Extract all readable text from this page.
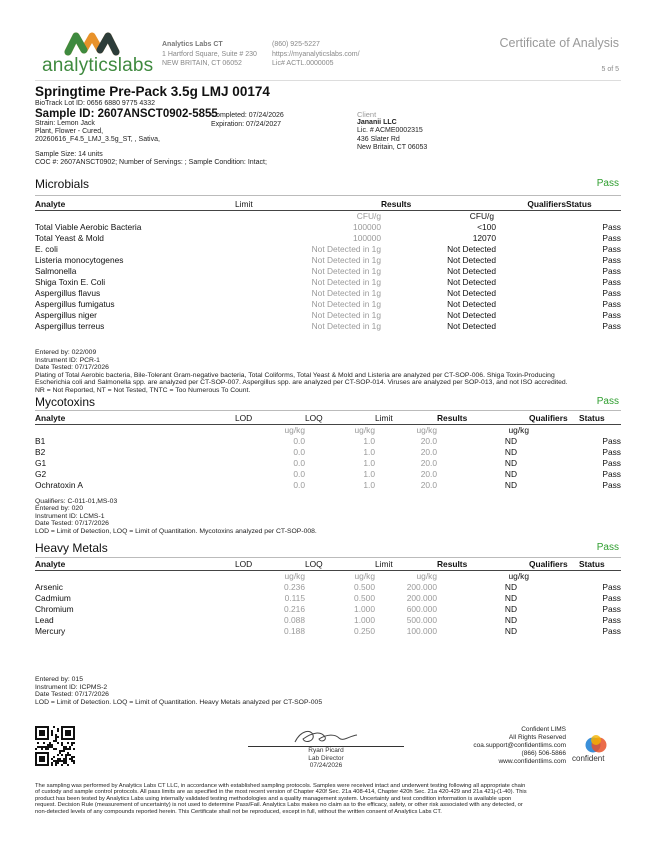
analyticslabs
Analytics Labs CT
1 Hartford Square, Suite # 230
NEW BRITAIN, CT 06052
(860) 925-5227
https://myanalyticslabs.com/
Lic# ACTL.0000005
Certificate of Analysis
5 of 5
Springtime Pre-Pack 3.5g LMJ 00174
BioTrack Lot ID: 0656 6880 9775 4332
Sample ID: 2607ANSCT0902-5855
Strain: Lemon Jack
Plant, Flower - Cured,
20260616_F4.5_LMJ_3.5g_ST, , Sativa,
Completed: 07/24/2026
Expiration: 07/24/2027
Sample Size: 14 units
COC #: 2607ANSCT0902; Number of Servings: ; Sample Condition: Intact;
Client
Jananii LLC
Lic. # ACME0002315
436 Slater Rd
New Britain, CT 06053
Microbials	Pass
Analyte	Limit	Results	Qualifiers	Status
	CFU/g	CFU/g		
Total Viable Aerobic Bacteria	100000	<100		Pass
Total Yeast & Mold	100000	12070		Pass
E. coli	Not Detected in 1g	Not Detected		Pass
Listeria monocytogenes	Not Detected in 1g	Not Detected		Pass
Salmonella	Not Detected in 1g	Not Detected		Pass
Shiga Toxin E. Coli	Not Detected in 1g	Not Detected		Pass
Aspergillus flavus	Not Detected in 1g	Not Detected		Pass
Aspergillus fumigatus	Not Detected in 1g	Not Detected		Pass
Aspergillus niger	Not Detected in 1g	Not Detected		Pass
Aspergillus terreus	Not Detected in 1g	Not Detected		Pass
Entered by: 022/009
Instrument ID: PCR-1
Date Tested: 07/17/2026
Plating of Total Aerobic bacteria, Bile-Tolerant Gram-negative bacteria, Total Coliforms, Total Yeast & Mold and Listeria are analyzed per CT-SOP-006. Shiga Toxin-Producing
Escherichia coli and Salmonella spp. are analyzed per CT-SOP-007. Aspergillus spp. are analyzed per CT-SOP-014. Viruses are analyzed per SOP-013, and not ISO accredited.
NR = Not Reported, NT = Not Tested, TNTC = Too Numerous To Count.
Mycotoxins	Pass
Analyte	LOD	LOQ	Limit	Results	Qualifiers	Status
	ug/kg	ug/kg	ug/kg	ug/kg		
B1	0.0	1.0	20.0	ND		Pass
B2	0.0	1.0	20.0	ND		Pass
G1	0.0	1.0	20.0	ND		Pass
G2	0.0	1.0	20.0	ND		Pass
Ochratoxin A	0.0	1.0	20.0	ND		Pass
Qualifiers: C-011-01,MS-03
Entered by: 020
Instrument ID: LCMS-1
Date Tested: 07/17/2026
LOD = Limit of Detection, LOQ = Limit of Quantitation. Mycotoxins analyzed per CT-SOP-008.
Heavy Metals	Pass
Analyte	LOD	LOQ	Limit	Results	Qualifiers	Status
	ug/kg	ug/kg	ug/kg	ug/kg		
Arsenic	0.236	0.500	200.000	ND		Pass
Cadmium	0.115	0.500	200.000	ND		Pass
Chromium	0.216	1.000	600.000	ND		Pass
Lead	0.088	1.000	500.000	ND		Pass
Mercury	0.188	0.250	100.000	ND		Pass
Entered by: 015
Instrument ID: ICPMS-2
Date Tested: 07/17/2026
LOD = Limit of Detection. LOQ = Limit of Quantitation. Heavy Metals analyzed per CT-SOP-005
Ryan Picard
Lab Director
07/24/2026
Confident LIMS
All Rights Reserved
coa.support@confidentlims.com
(866) 506-5866
www.confidentlims.com confident
The sampling was performed by Analytics Labs CT LLC, in accordance with established sampling protocols. Samples were received intact and underwent testing following all appropriate chain
of custody and sample control protocols. All pass limits are as specified in the most recent version of Chapter 420f Sec. 21a 408-414, Chapter 420h Sec. 21a 420-429 and 21a 421j-(1-40). This
product has been tested by Analytics Labs using internally validated testing methodologies and a quality management system. Uncertainty and test condition information is available upon
request. Decision Rule (measurement of uncertainty) is not used to determine Pass/Fail. Analytics Labs makes no claim as to the efficacy, safety, or other risk associated with any detected, or
non-detected levels of any compounds reported herein. This Certificate shall not be reproduced, except in full, without the written consent of Analytics Labs CT.
